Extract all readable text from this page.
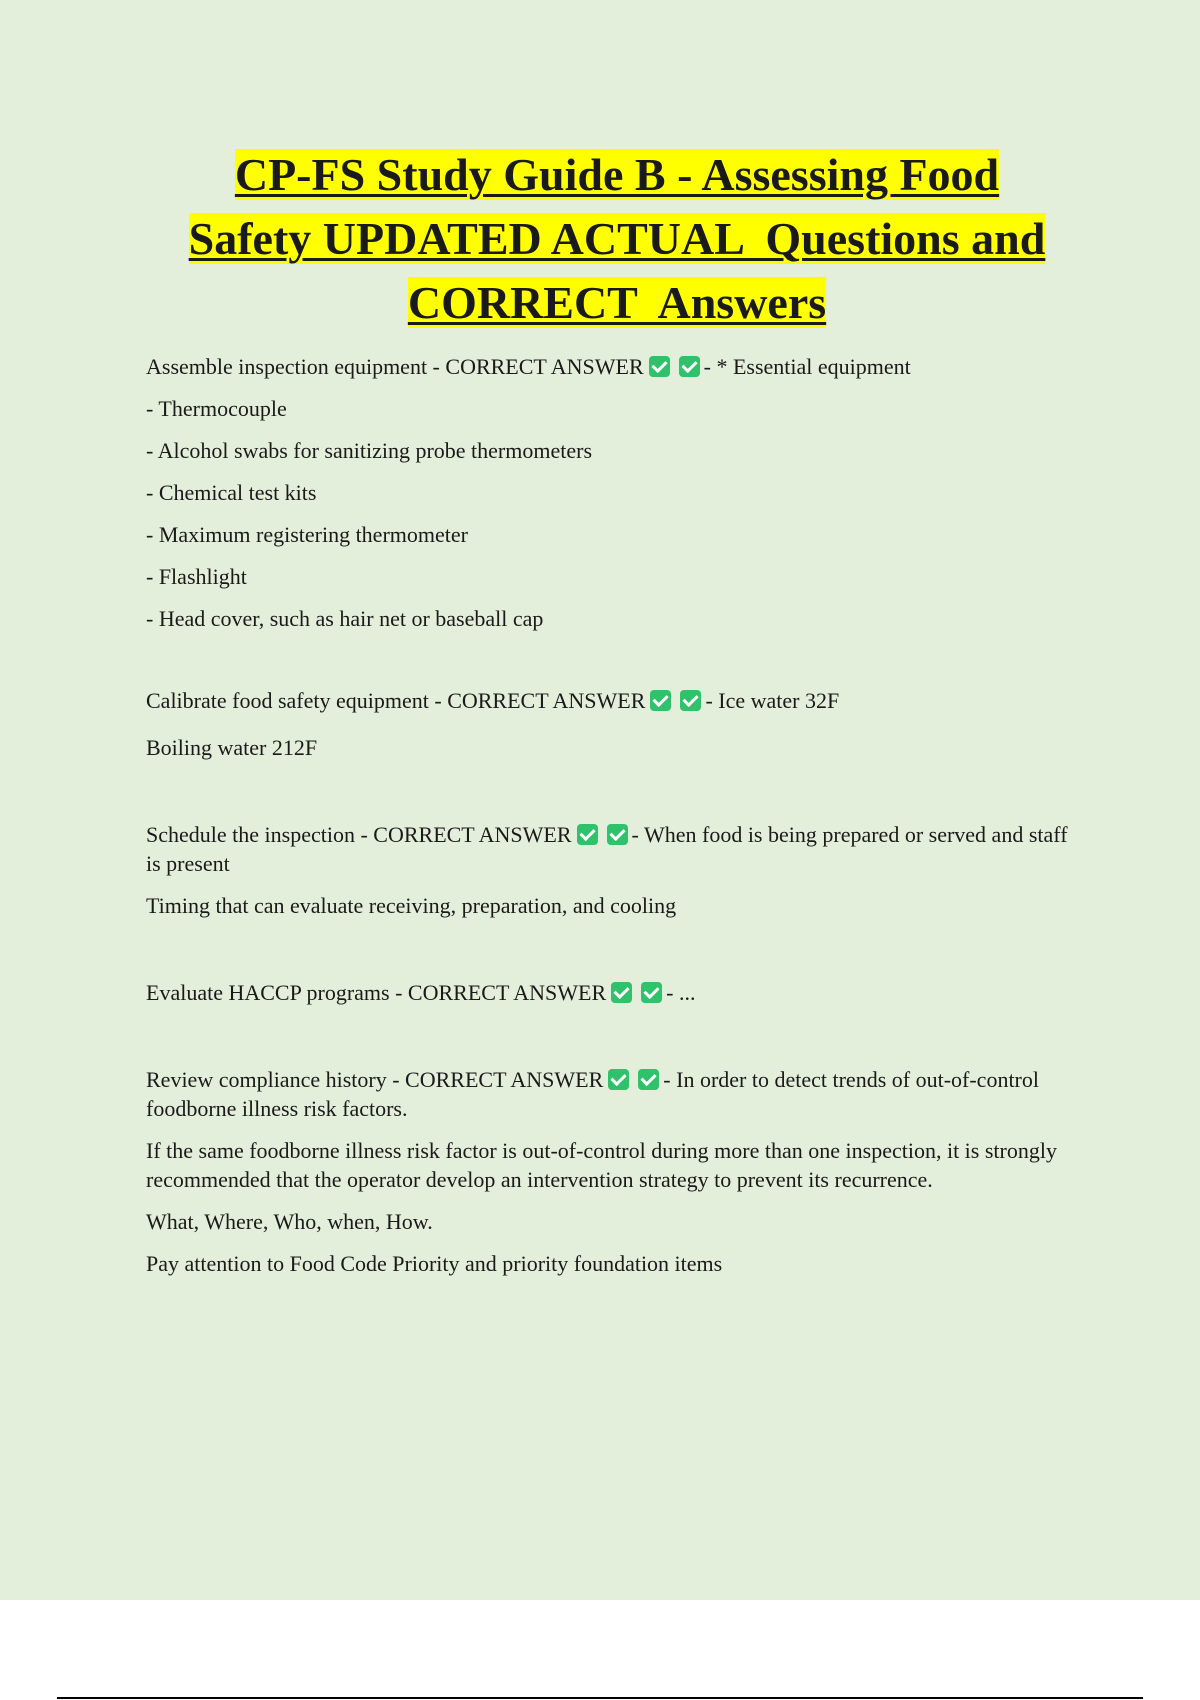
CP-FS Study Guide B - Assessing Food
Safety UPDATED ACTUAL  Questions and
CORRECT  Answers

Assemble inspection equipment - CORRECT ANSWER	- * Essential equipment

- Thermocouple

- Alcohol swabs for sanitizing probe thermometers

- Chemical test kits

- Maximum registering thermometer

- Flashlight

- Head cover, such as hair net or baseball cap

Calibrate food safety equipment - CORRECT ANSWER	- Ice water 32F

Boiling water 212F

Schedule the inspection - CORRECT ANSWER	- When food is being prepared or served and staff is present

Timing that can evaluate receiving, preparation, and cooling

Evaluate HACCP programs - CORRECT ANSWER	- ...

Review compliance history - CORRECT ANSWER	- In order to detect trends of out-of-control foodborne illness risk factors.

If the same foodborne illness risk factor is out-of-control during more than one inspection, it is strongly recommended that the operator develop an intervention strategy to prevent its recurrence.

What, Where, Who, when, How.

Pay attention to Food Code Priority and priority foundation items
